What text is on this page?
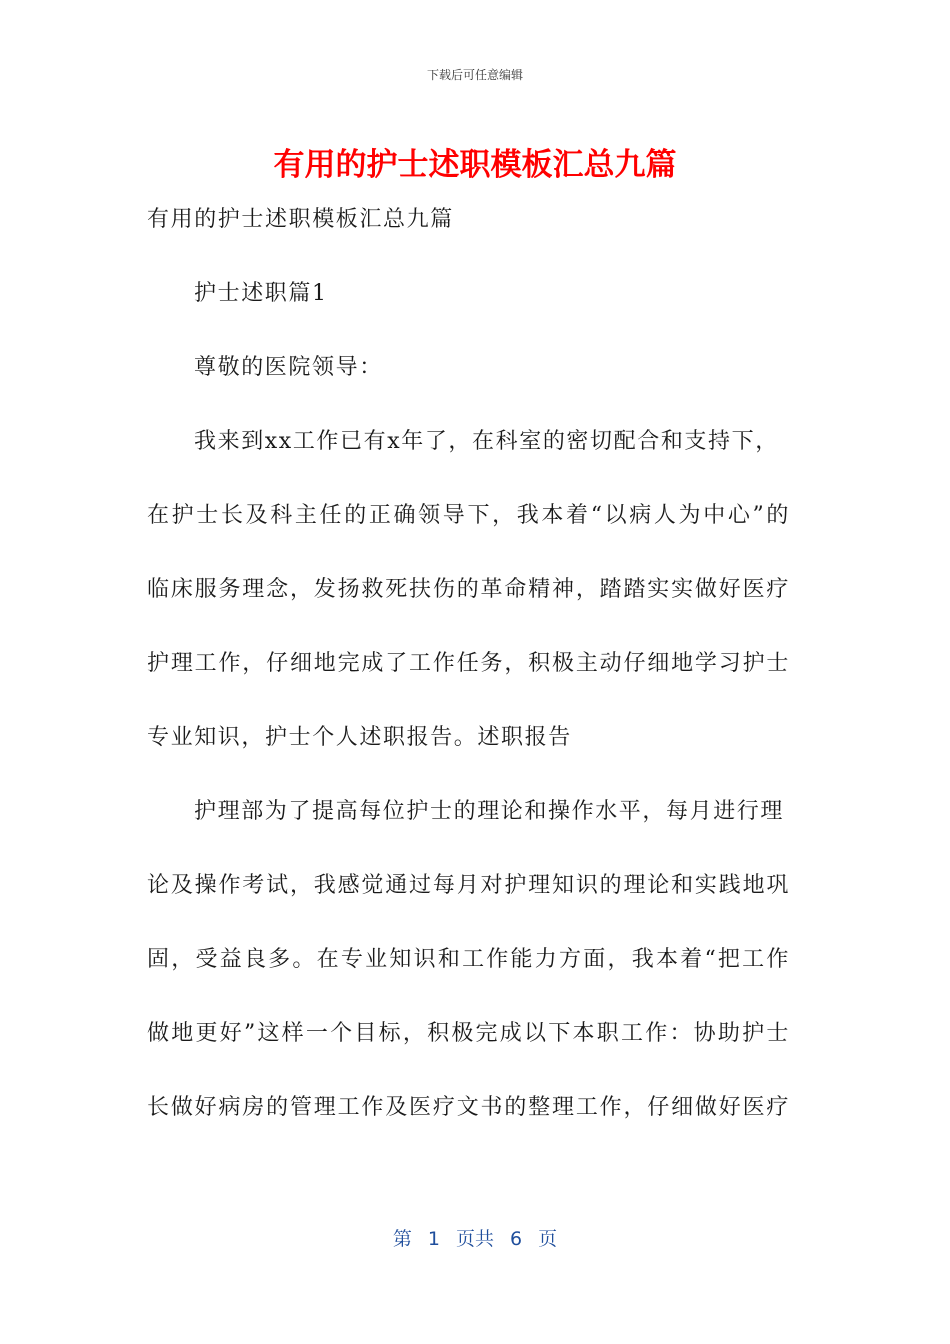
下载后可任意编辑
有用的护士述职模板汇总九篇
有用的护士述职模板汇总九篇
护士述职篇1
尊敬的医院领导：
我来到xx工作已有x年了，在科室的密切配合和支持下，
在护士长及科主任的正确领导下，我本着“以病人为中心”的
临床服务理念，发扬救死扶伤的革命精神，踏踏实实做好医疗
护理工作，仔细地完成了工作任务，积极主动仔细地学习护士
专业知识，护士个人述职报告。述职报告
护理部为了提高每位护士的理论和操作水平，每月进行理
论及操作考试，我感觉通过每月对护理知识的理论和实践地巩
固，受益良多。在专业知识和工作能力方面，我本着“把工作
做地更好”这样一个目标，积极完成以下本职工作：协助护士
长做好病房的管理工作及医疗文书的整理工作，仔细做好医疗
第 1 页共 6 页
